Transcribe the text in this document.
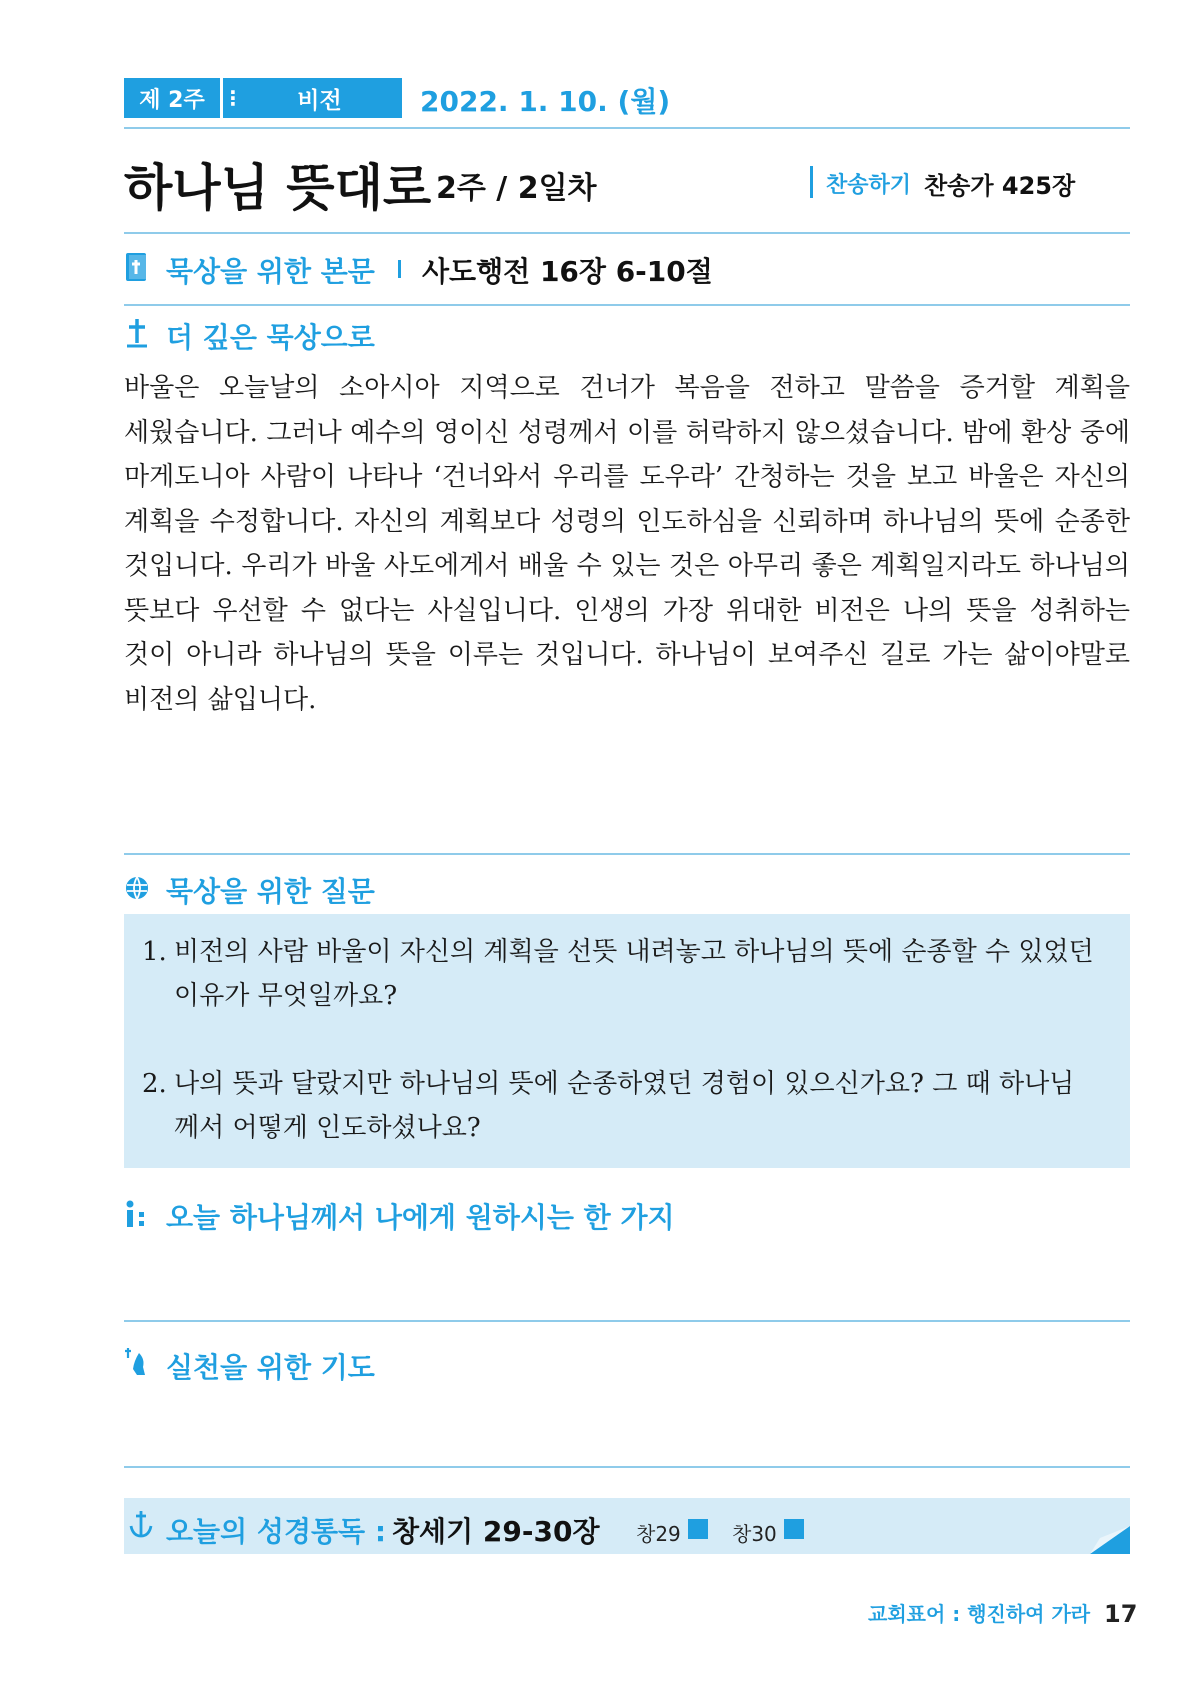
제 2주 ⋮	비전	2022. 1. 10. (월)
하나님 뜻대로 2주 / 2일차	찬송하기 찬송가 425장
묵상을 위한 본문 사도행전 16장 6-10절
더 깊은 묵상으로
바울은 오늘날의 소아시아 지역으로 건너가 복음을 전하고 말씀을 증거할 계획을 세웠습니다. 그러나 예수의 영이신 성령께서 이를 허락하지 않으셨습니다. 밤에 환상 중에 마게도니아 사람이 나타나 ‘건너와서 우리를 도우라’ 간청하는 것을 보고 바울은 자신의 계획을 수정합니다. 자신의 계획보다 성령의 인도하심을 신뢰하며 하나님의 뜻에 순종한 것입니다. 우리가 바울 사도에게서 배울 수 있는 것은 아무리 좋은 계획일지라도 하나님의 뜻보다 우선할 수 없다는 사실입니다. 인생의 가장 위대한 비전은 나의 뜻을 성취하는 것이 아니라 하나님의 뜻을 이루는 것입니다. 하나님이 보여주신 길로 가는 삶이야말로 비전의 삶입니다.
묵상을 위한 질문
1. 비전의 사람 바울이 자신의 계획을 선뜻 내려놓고 하나님의 뜻에 순종할 수 있었던 이유가 무엇일까요?
2. 나의 뜻과 달랐지만 하나님의 뜻에 순종하였던 경험이 있으신가요? 그 때 하나님께서 어떻게 인도하셨나요?
오늘 하나님께서 나에게 원하시는 한 가지
실천을 위한 기도
오늘의 성경통독 : 창세기 29-30장 창29	창30
교회표어 : 행진하여 가라 17
